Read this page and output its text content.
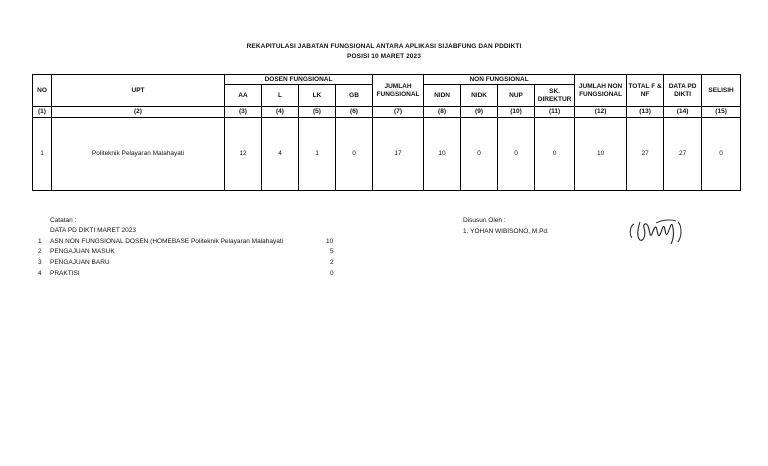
REKAPITULASI JABATAN FUNGSIONAL ANTARA APLIKASI SIJABFUNG DAN PDDIKTI
POSISI 10 MARET 2023
NO	UPT	DOSEN FUNGSIONAL				JUMLAH FUNGSIONAL	NON FUNGSIONAL				JUMLAH NON FUNGSIONAL	TOTAL F & NF	DATA PD DIKTI	SELISIH
		AA	L	LK	GB		NIDN	NIDK	NUP	SK. DIREKTUR				
(1)	(2)	(3)	(4)	(5)	(6)	(7)	(8)	(9)	(10)	(11)	(12)	(13)	(14)	(15)
1	Politeknik Pelayaran Malahayati	12	4	1	0	17	10	0	0	0	10	27	27	0
Catatan :
DATA PD DIKTI MARET 2023
1 ASN NON FUNGSIONAL DOSEN (HOMEBASE Politeknik Pelayaran Malahayati	10
2 PENGAJUAN MASUK	5
3 PENGAJUAN BARU	2
4 PRAKTISI	0
Disusun Oleh :
1. YOHAN WIBISONO, M.Pd.
